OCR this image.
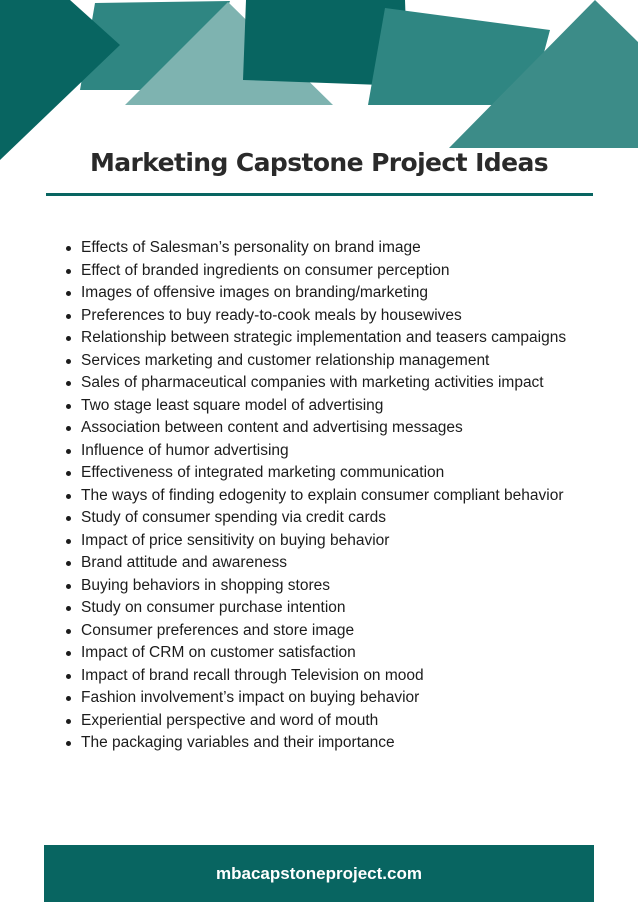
Marketing Capstone Project Ideas
Effects of Salesman’s personality on brand image
Effect of branded ingredients on consumer perception
Images of offensive images on branding/marketing
Preferences to buy ready-to-cook meals by housewives
Relationship between strategic implementation and teasers campaigns
Services marketing and customer relationship management
Sales of pharmaceutical companies with marketing activities impact
Two stage least square model of advertising
Association between content and advertising messages
Influence of humor advertising
Effectiveness of integrated marketing communication
The ways of finding edogenity to explain consumer compliant behavior
Study of consumer spending via credit cards
Impact of price sensitivity on buying behavior
Brand attitude and awareness
Buying behaviors in shopping stores
Study on consumer purchase intention
Consumer preferences and store image
Impact of CRM on customer satisfaction
Impact of brand recall through Television on mood
Fashion involvement’s impact on buying behavior
Experiential perspective and word of mouth
The packaging variables and their importance
mbacapstoneproject.com
